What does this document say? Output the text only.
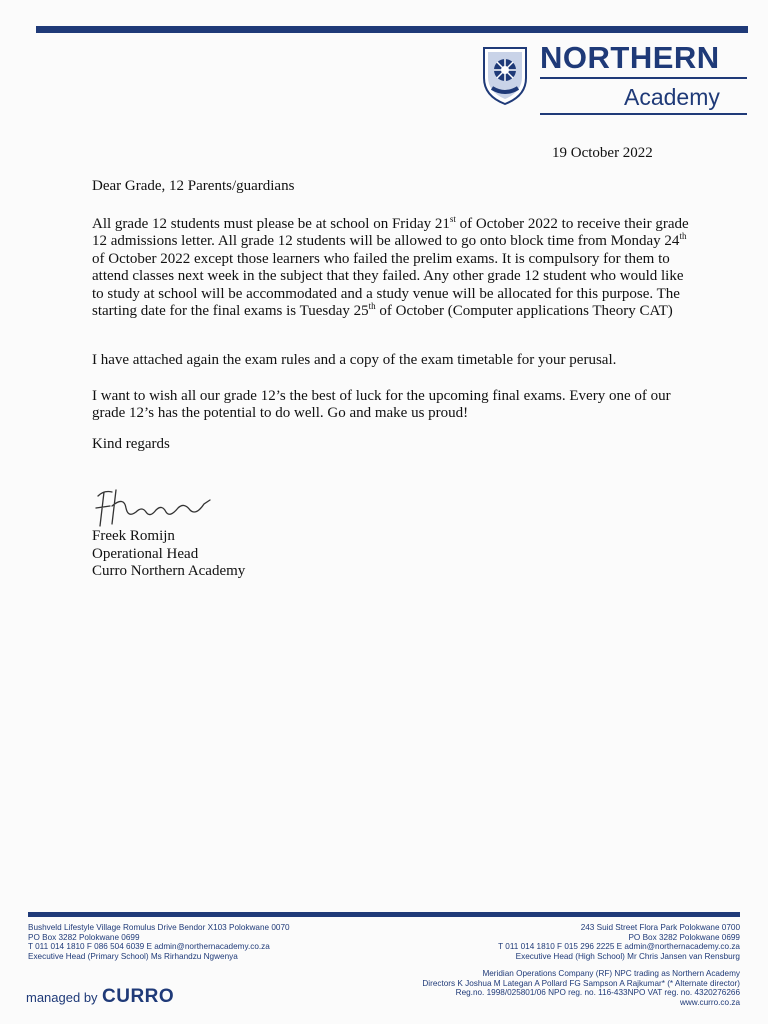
NORTHERN
Academy
19 October 2022
Dear Grade, 12 Parents/guardians

All grade 12 students must please be at school on Friday 21st of October 2022 to receive their grade 12 admissions letter. All grade 12 students will be allowed to go onto block time from Monday 24th of October 2022 except those learners who failed the prelim exams. It is compulsory for them to attend classes next week in the subject that they failed. Any other grade 12 student who would like to study at school will be accommodated and a study venue will be allocated for this purpose. The starting date for the final exams is Tuesday 25th of October (Computer applications Theory CAT)

I have attached again the exam rules and a copy of the exam timetable for your perusal.

I want to wish all our grade 12’s the best of luck for the upcoming final exams. Every one of our grade 12’s has the potential to do well. Go and make us proud!

Kind regards
Freek Romijn
Operational Head
Curro Northern Academy
Bushveld Lifestyle Village Romulus Drive Bendor X103 Polokwane 0070
PO Box 3282 Polokwane 0699
T 011 014 1810 F 086 504 6039 E admin@northernacademy.co.za
Executive Head (Primary School) Ms Rirhandzu Ngwenya
243 Suid Street Flora Park Polokwane 0700
PO Box 3282 Polokwane 0699
T 011 014 1810 F 015 296 2225 E admin@northernacademy.co.za
Executive Head (High School) Mr Chris Jansen van Rensburg
Meridian Operations Company (RF) NPC trading as Northern Academy
Directors K Joshua M Lategan A Pollard FG Sampson A Rajkumar* (* Alternate director)
Reg.no. 1998/025801/06 NPO reg. no. 116-433NPO VAT reg. no. 4320276266
www.curro.co.za
managed by CURRO
